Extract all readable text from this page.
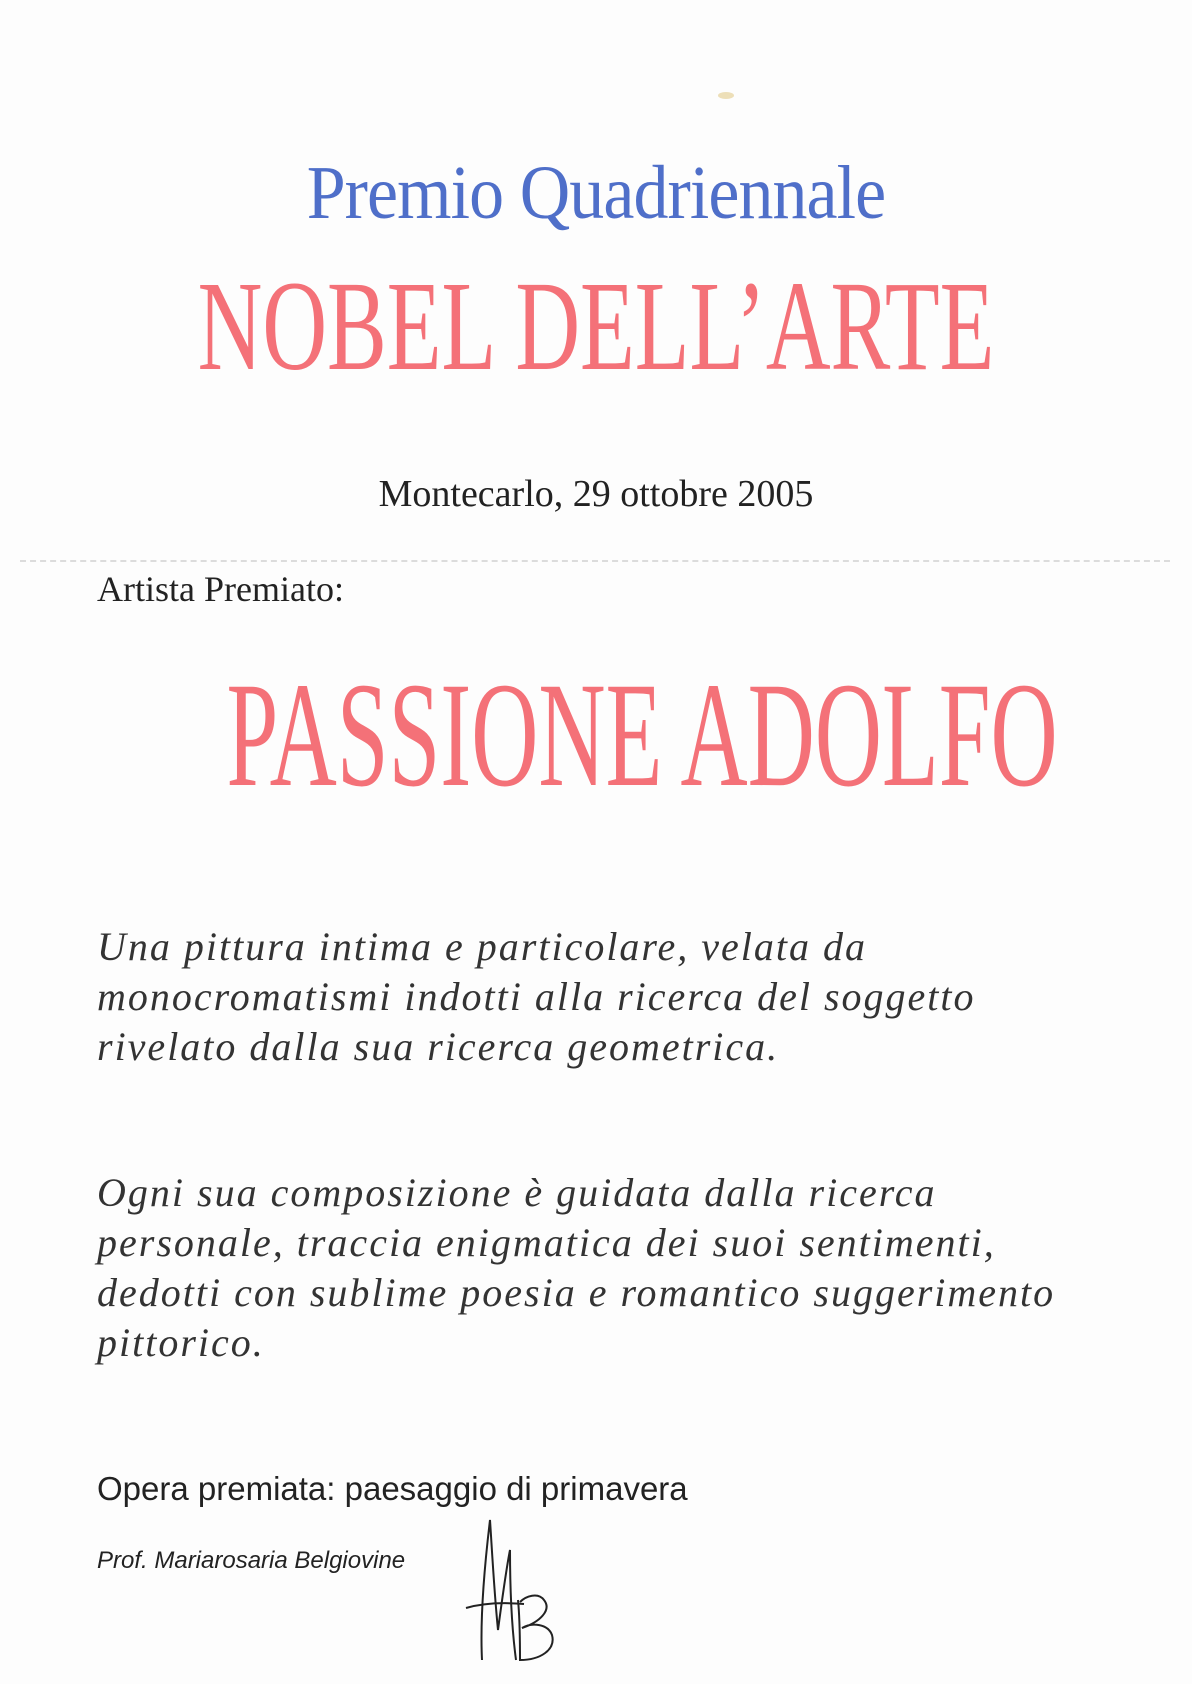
Premio Quadriennale
NOBEL DELL’ARTE
Montecarlo, 29 ottobre 2005
Artista Premiato:
PASSIONE ADOLFO
Una pittura intima e particolare, velata da monocromatismi indotti alla ricerca del soggetto rivelato dalla sua ricerca geometrica.
Ogni sua composizione è guidata dalla ricerca personale, traccia enigmatica dei suoi sentimenti, dedotti con sublime poesia e romantico suggerimento pittorico.
Opera premiata: paesaggio di primavera
Prof. Mariarosaria Belgiovine
